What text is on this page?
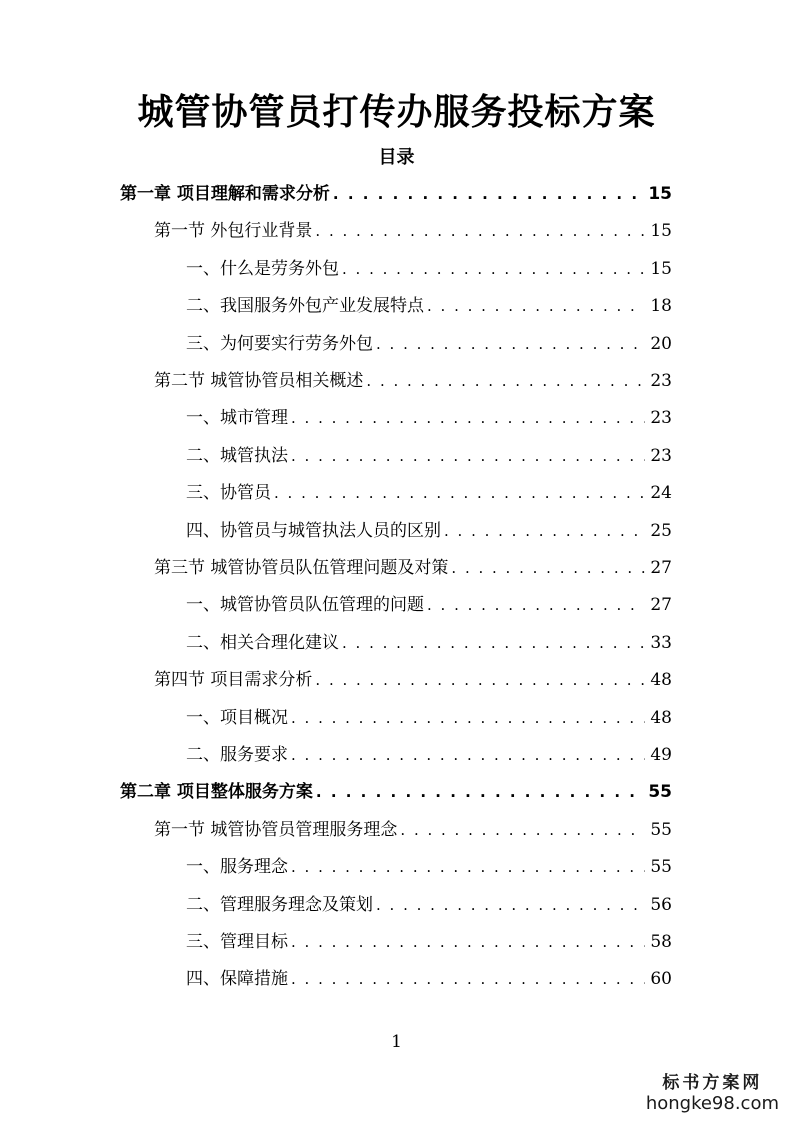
城管协管员打传办服务投标方案
目录
第一章 项目理解和需求分析 . . .	15
第一节 外包行业背景 . . .	15
一、什么是劳务外包 . . .	15
二、我国服务外包产业发展特点 . . .	18
三、为何要实行劳务外包 . . .	20
第二节 城管协管员相关概述 . . .	23
一、城市管理 . . .	23
二、城管执法 . . .	23
三、协管员 . . .	24
四、协管员与城管执法人员的区别 . . .	25
第三节 城管协管员队伍管理问题及对策 . . .	27
一、城管协管员队伍管理的问题 . . .	27
二、相关合理化建议 . . .	33
第四节 项目需求分析 . . .	48
一、项目概况 . . .	48
二、服务要求 . . .	49
第二章 项目整体服务方案 . . .	55
第一节 城管协管员管理服务理念 . . .	55
一、服务理念 . . .	55
二、管理服务理念及策划 . . .	56
三、管理目标 . . .	58
四、保障措施 . . .	60
1
标书方案网
hongke98.com
